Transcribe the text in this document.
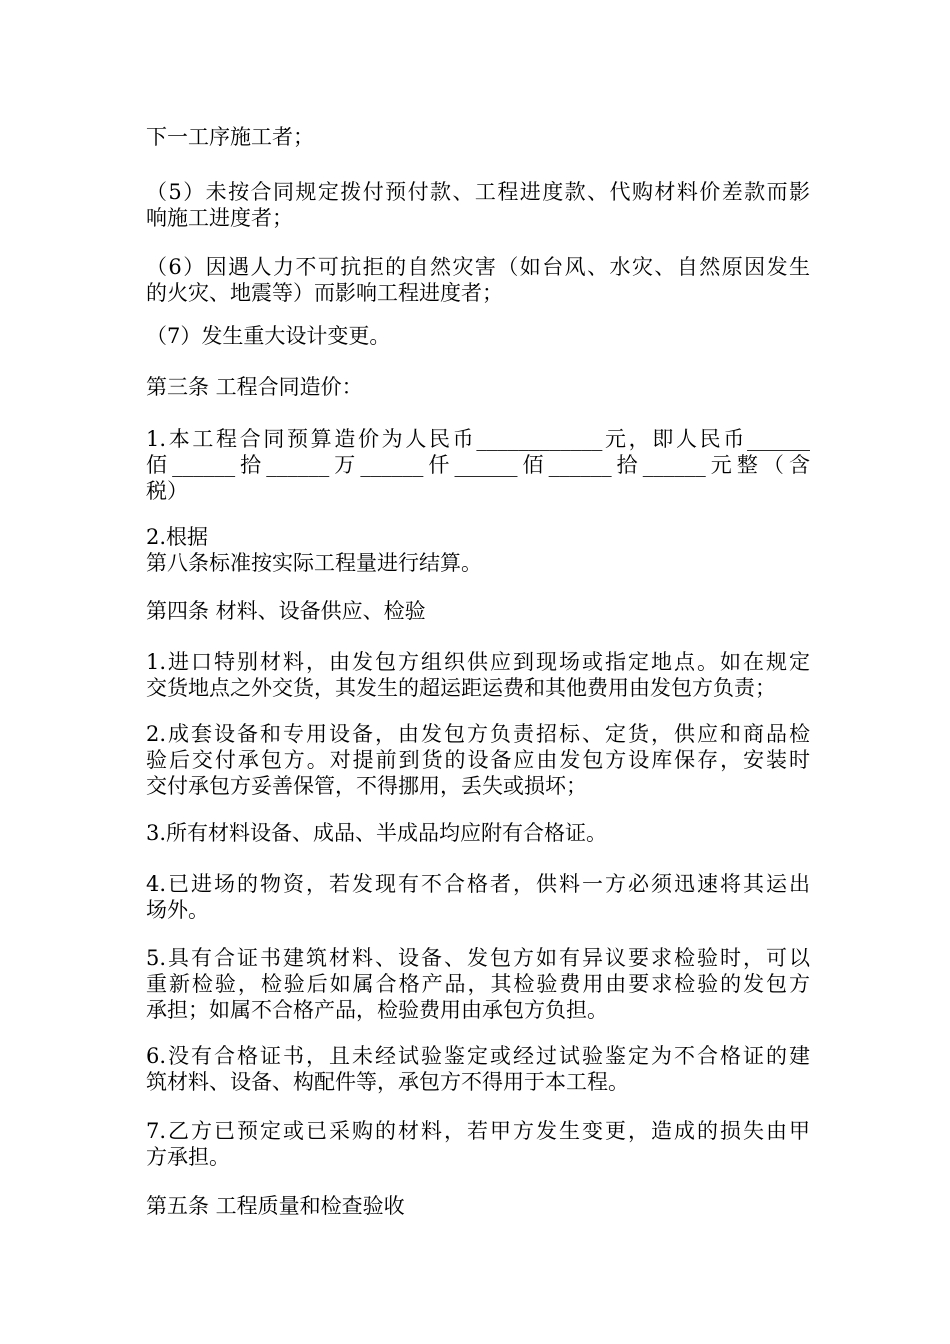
下一工序施工者；
（5）未按合同规定拨付预付款、工程进度款、代购材料价差款而影
响施工进度者；
（6）因遇人力不可抗拒的自然灾害（如台风、水灾、自然原因发生
的火灾、地震等）而影响工程进度者；
（7）发生重大设计变更。
第三条 工程合同造价：
1.本工程合同预算造价为人民币____________元，即人民币______
佰______拾______万______仟______佰______拾______元整（含
税）
2.根据
第八条标准按实际工程量进行结算。
第四条 材料、设备供应、检验
1.进口特别材料，由发包方组织供应到现场或指定地点。如在规定
交货地点之外交货，其发生的超运距运费和其他费用由发包方负责；
2.成套设备和专用设备，由发包方负责招标、定货，供应和商品检
验后交付承包方。对提前到货的设备应由发包方设库保存，安装时
交付承包方妥善保管，不得挪用，丢失或损坏；
3.所有材料设备、成品、半成品均应附有合格证。
4.已进场的物资，若发现有不合格者，供料一方必须迅速将其运出
场外。
5.具有合证书建筑材料、设备、发包方如有异议要求检验时，可以
重新检验，检验后如属合格产品，其检验费用由要求检验的发包方
承担；如属不合格产品，检验费用由承包方负担。
6.没有合格证书，且未经试验鉴定或经过试验鉴定为不合格证的建
筑材料、设备、构配件等，承包方不得用于本工程。
7.乙方已预定或已采购的材料，若甲方发生变更，造成的损失由甲
方承担。
第五条 工程质量和检查验收
